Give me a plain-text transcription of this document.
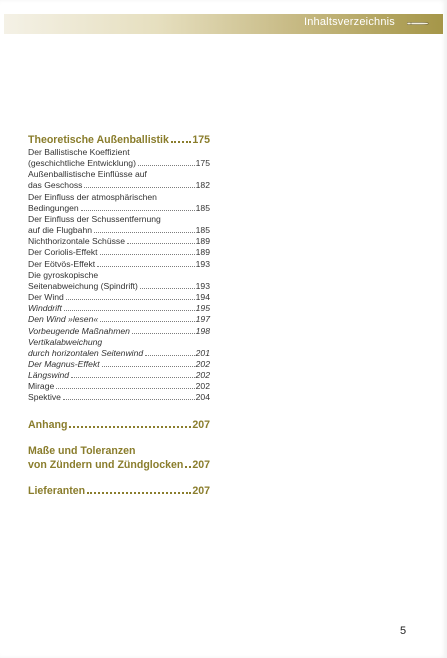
Inhaltsverzeichnis
Theoretische Außenballistik 175
Der Ballistische Koeffizient
(geschichtliche Entwicklung)	175
Außenballistische Einflüsse auf
das Geschoss	182
Der Einfluss der atmosphärischen
Bedingungen	185
Der Einfluss der Schussentfernung
auf die Flugbahn	185
Nichthorizontale Schüsse	189
Der Coriolis-Effekt	189
Der Eötvös-Effekt	193
Die gyroskopische
Seitenabweichung (Spindrift)	193
Der Wind	194
Winddrift	195
Den Wind »lesen«	197
Vorbeugende Maßnahmen	198
Vertikalabweichung
durch horizontalen Seitenwind	201
Der Magnus-Effekt	202
Längswind	202
Mirage	202
Spektive	204
Anhang	207
Maße und Toleranzen
von Zündern und Zündglocken 207
Lieferanten	207
5
